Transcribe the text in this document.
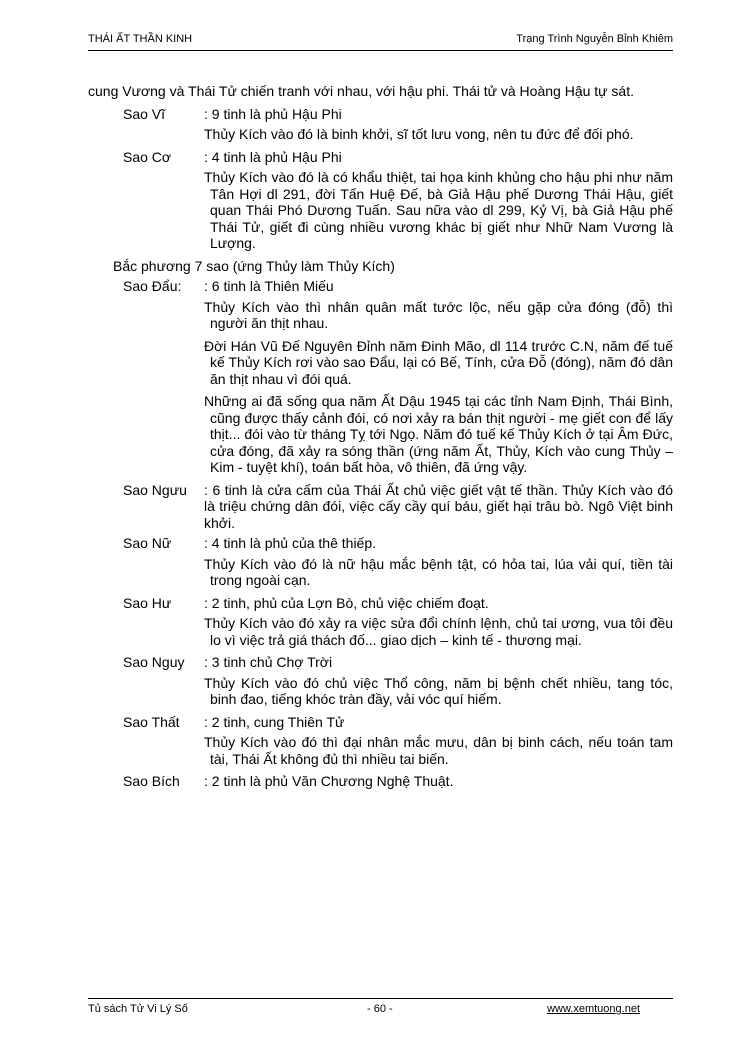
THÁI ẤT THẦN KINH	Trạng Trình Nguyễn Bỉnh Khiêm

cung Vương và Thái Tử chiến tranh với nhau, với hậu phi. Thái tử và Hoàng Hậu tự sát.

Sao Vĩ	: 9 tinh là phủ Hậu Phi

Thủy Kích vào đó là binh khởi, sĩ tốt lưu vong, nên tu đức để đối phó.

Sao Cơ : 4 tinh là phủ Hậu Phi

Thủy Kích vào đó là có khẩu thiệt, tai họa kinh khủng cho hậu phi như năm Tân Hợi dl 291, đời Tấn Huệ Đế, bà Giả Hậu phế Dương Thái Hậu, giết quan Thái Phó Dương Tuấn. Sau nữa vào dl 299, Kỷ Vị, bà Giả Hậu phế Thái Tử, giết đi cùng nhiều vương khác bị giết như Nhữ Nam Vương là Lượng.

Bắc phương 7 sao (ứng Thủy làm Thủy Kích)

Sao Đẩu: : 6 tinh là Thiên Miếu

Thủy Kích vào thì nhân quân mất tước lộc, nếu gặp cửa đóng (đỗ) thì người ăn thịt nhau.

Đời Hán Vũ Đế Nguyên Đỉnh năm Đinh Mão, dl 114 trước C.N, năm đế tuế kế Thủy Kích rơi vào sao Đẩu, lại có Bế, Tính, cửa Đỗ (đóng), năm đó dân ăn thịt nhau vì đói quá.

Những ai đã sống qua năm Ất Dậu 1945 tại các tỉnh Nam Định, Thái Bình, cũng được thấy cảnh đói, có nơi xảy ra bán thịt người - mẹ giết con để lấy thịt... đói vào từ tháng Tỵ tới Ngọ. Năm đó tuế kế Thủy Kích ở tại Âm Đức, cửa đóng, đã xảy ra sóng thần (ứng năm Ất, Thủy, Kích vào cung Thủy – Kim - tuyệt khí), toán bất hòa, vô thiên, đã ứng vậy.

Sao Ngưu : 6 tinh là cửa cấm của Thái Ất chủ việc giết vật tế thần. Thủy Kích vào đó là triệu chứng dân đói, việc cấy cầy quí báu, giết hại trâu bò. Ngô Việt binh khởi.
Sao Nữ : 4 tinh là phủ của thê thiếp.

Thủy Kích vào đó là nữ hậu mắc bệnh tật, có hỏa tai, lúa vải quí, tiền tài trong ngoài cạn.

Sao Hư : 2 tinh, phủ của Lợn Bò, chủ việc chiếm đoạt.

Thủy Kích vào đó xảy ra việc sửa đổi chính lệnh, chủ tai ương, vua tôi đều lo vì việc trả giá thách đố... giao dịch – kinh tế - thương mại.

Sao Nguy : 3 tinh chủ Chợ Trời

Thủy Kích vào đó chủ việc Thổ công, năm bị bệnh chết nhiều, tang tóc, binh đao, tiếng khóc tràn đầy, vải vóc quí hiếm.

Sao Thất : 2 tinh, cung Thiên Tử

Thủy Kích vào đó thì đại nhân mắc mưu, dân bị binh cách, nếu toán tam tài, Thái Ất không đủ thì nhiều tai biến.

Sao Bích : 2 tinh là phủ Văn Chương Nghệ Thuật.
Tủ sách Tử Vi Lý Số	- 60 -	www.xemtuong.net
